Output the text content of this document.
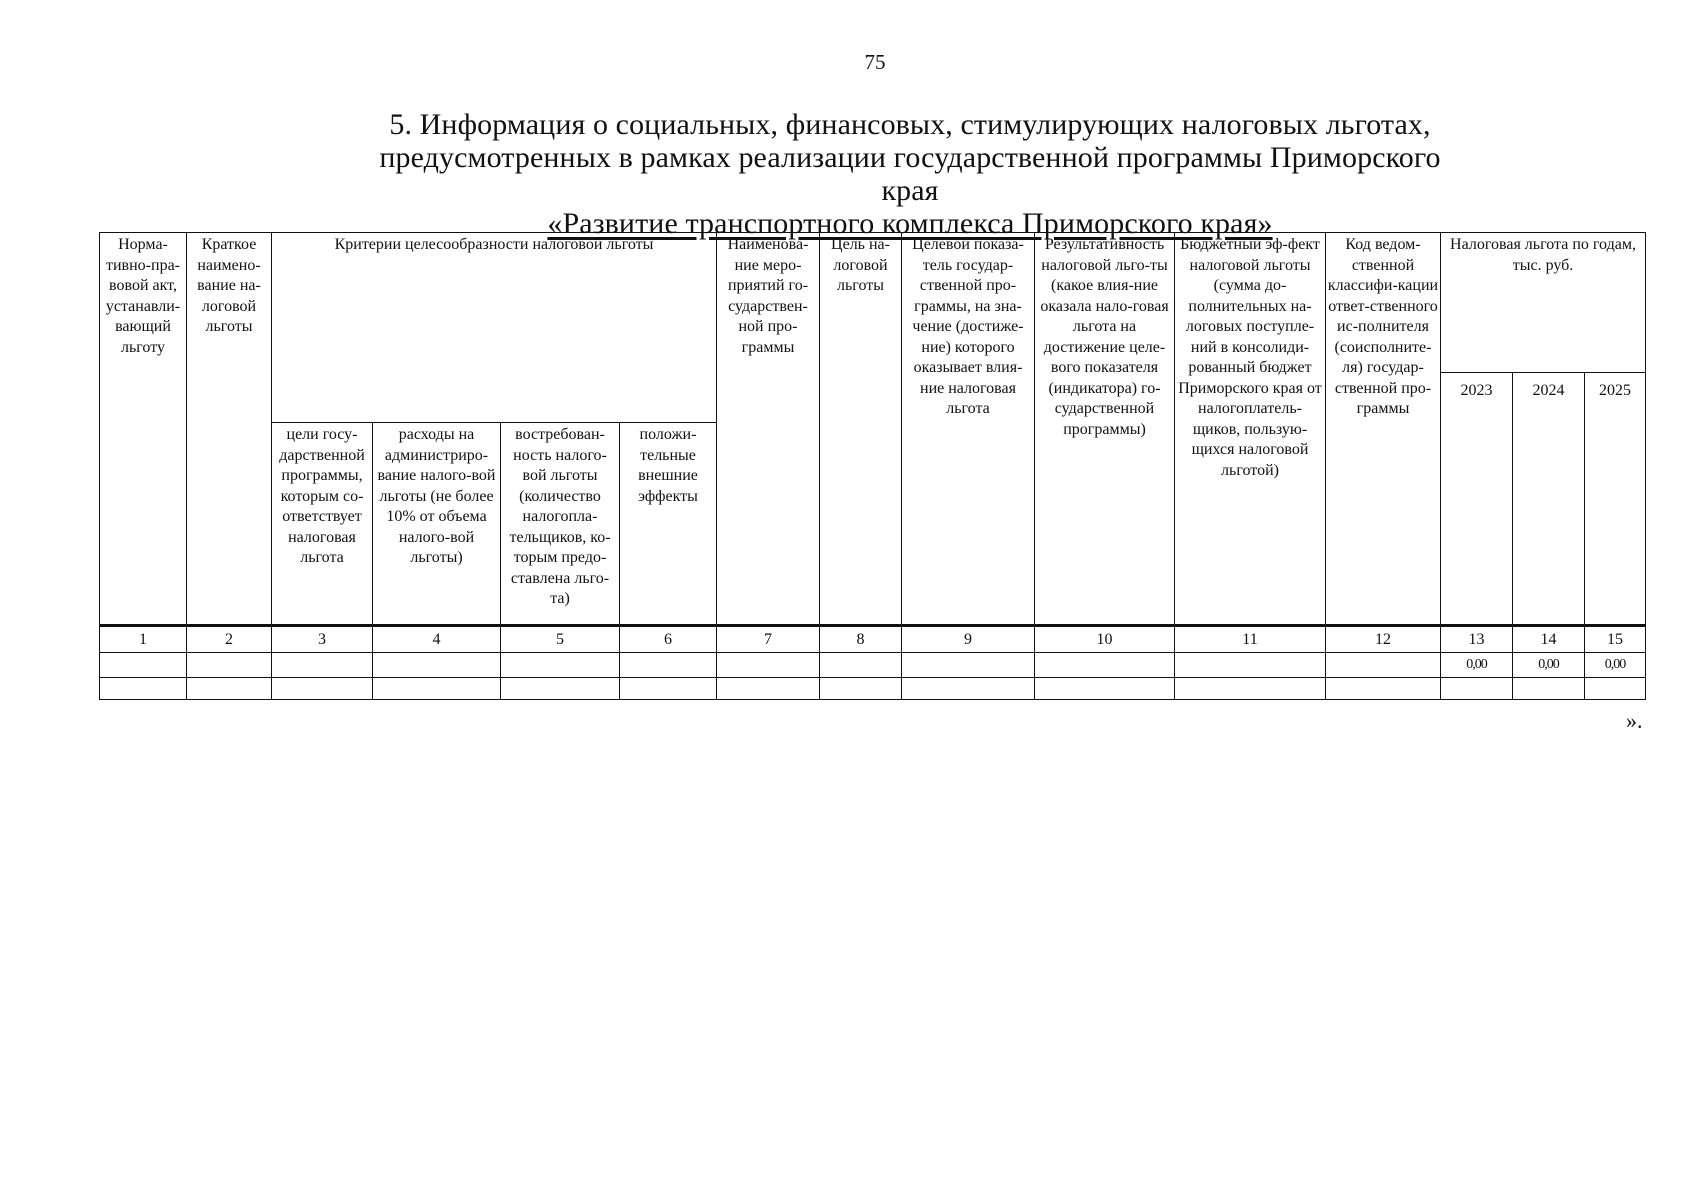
75
5. Информация о социальных, финансовых, стимулирующих налоговых льготах,
предусмотренных в рамках реализации государственной программы Приморского края
«Развитие транспортного комплекса Приморского края»
Норма-тивно-пра-вовой акт, устанавли-вающий льготу	Краткое наимено-вание на-логовой льготы	Критерии целесообразности налоговой льготы				Наименова-ние меро-приятий го-сударствен-ной про-граммы	Цель на-логовой льготы	Целевой показа-тель государ-ственной про-граммы, на зна-чение (достиже-ние) которого оказывает влия-ние налоговая льгота	Результативность налоговой льго-ты (какое влия-ние оказала нало-говая льгота на достижение целе-вого показателя (индикатора) го-сударственной программы)	Бюджетный эф-фект налоговой льготы (сумма до-полнительных на-логовых поступле-ний в консолиди-рованный бюджет Приморского края от налогоплатель-щиков, пользую-щихся налоговой льготой)	Код ведом-ственной классифи-кации ответ-ственного ис-полнителя (соисполните-ля) государ-ственной про-граммы	Налоговая льгота по годам, тыс. руб.		
												2023	2024	2025
		цели госу-дарственной программы, которым со-ответствует налоговая льгота	расходы на администриро-вание налого-вой льготы (не более 10% от объема налого-вой льготы)	востребован-ность налого-вой льготы (количество налогопла-тельщиков, ко-торым предо-ставлена льго-та)	положи-тельные внешние эффекты									
1	2	3	4	5	6	7	8	9	10	11	12	13	14	15
												0,00	0,00	0,00

».
